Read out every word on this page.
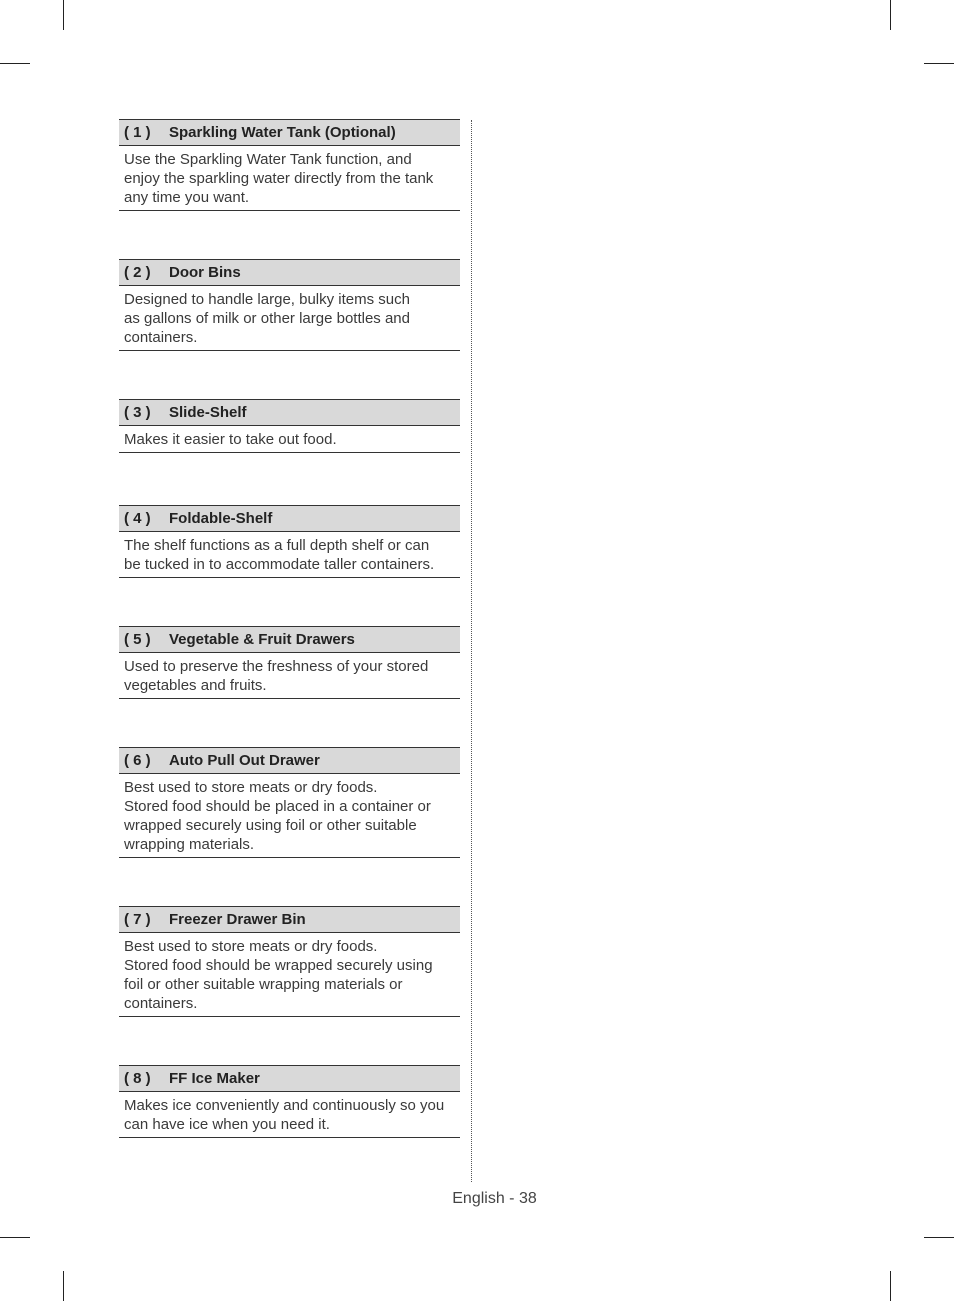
( 1 )	Sparkling Water Tank (Optional)
Use the Sparkling Water Tank function, and
enjoy the sparkling water directly from the tank
any time you want.
( 2 )	Door Bins
Designed to handle large, bulky items such
as gallons of milk or other large bottles and
containers.
( 3 )	Slide-Shelf
Makes it easier to take out food.
( 4 )	Foldable-Shelf
The shelf functions as a full depth shelf or can
be tucked in to accommodate taller containers.
( 5 )	Vegetable & Fruit Drawers
Used to preserve the freshness of your stored
vegetables and fruits.
( 6 )	Auto Pull Out Drawer
Best used to store meats or dry foods.
Stored food should be placed in a container or
wrapped securely using foil or other suitable
wrapping materials.
( 7 )	Freezer Drawer Bin
Best used to store meats or dry foods.
Stored food should be wrapped securely using
foil or other suitable wrapping materials or
containers.
( 8 )	FF Ice Maker
Makes ice conveniently and continuously so you
can have ice when you need it.
English - 38
